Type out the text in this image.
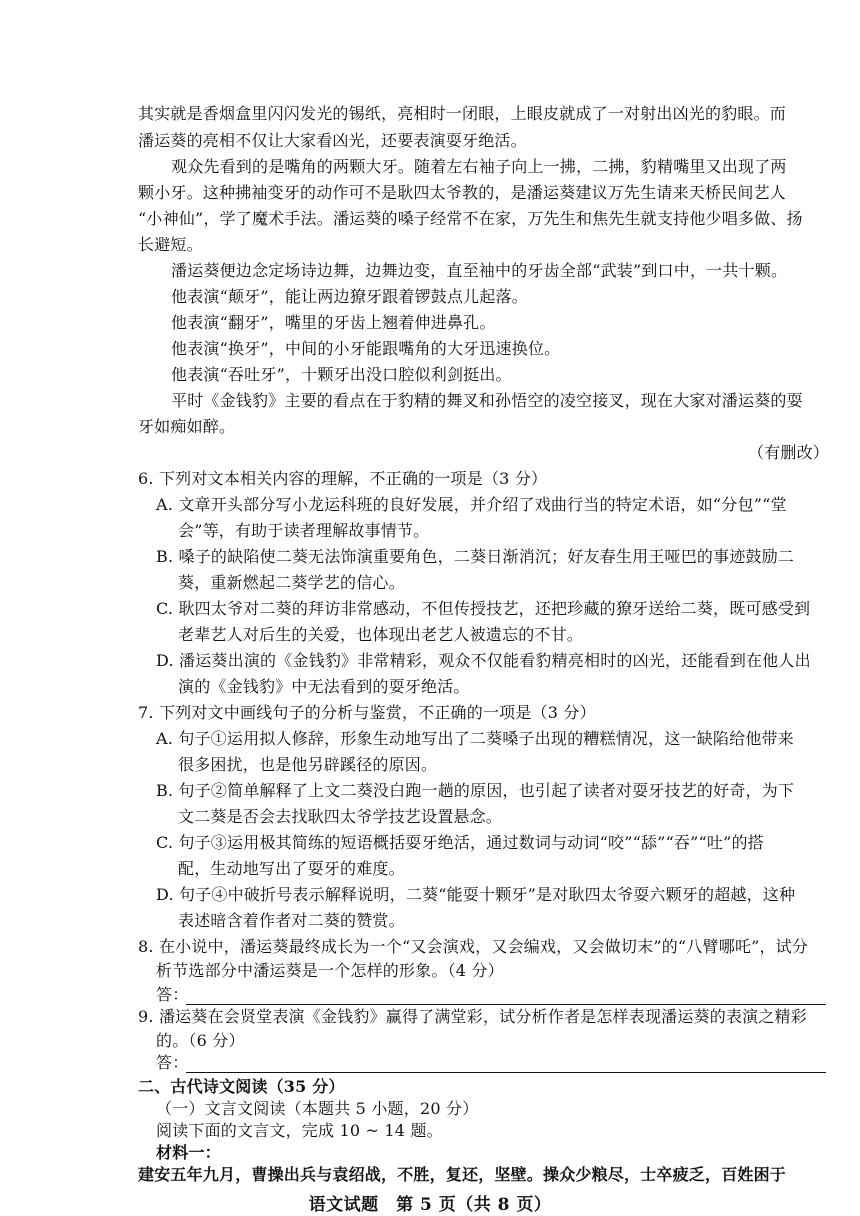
其实就是香烟盒里闪闪发光的锡纸，亮相时一闭眼，上眼皮就成了一对射出凶光的豹眼。而
潘运葵的亮相不仅让大家看凶光，还要表演耍牙绝活。
观众先看到的是嘴角的两颗大牙。随着左右袖子向上一拂，二拂，豹精嘴里又出现了两
颗小牙。这种拂袖变牙的动作可不是耿四太爷教的，是潘运葵建议万先生请来天桥民间艺人
“小神仙”，学了魔术手法。潘运葵的嗓子经常不在家，万先生和焦先生就支持他少唱多做、扬
长避短。
潘运葵便边念定场诗边舞，边舞边变，直至袖中的牙齿全部“武装”到口中，一共十颗。
他表演“颠牙”，能让两边獠牙跟着锣鼓点儿起落。
他表演“翻牙”，嘴里的牙齿上翘着伸进鼻孔。
他表演“换牙”，中间的小牙能跟嘴角的大牙迅速换位。
他表演“吞吐牙”，十颗牙出没口腔似利剑挺出。
平时《金钱豹》主要的看点在于豹精的舞叉和孙悟空的凌空接叉，现在大家对潘运葵的耍
牙如痴如醉。
（有删改）
6. 下列对文本相关内容的理解，不正确的一项是（3 分）
A. 文章开头部分写小龙运科班的良好发展，并介绍了戏曲行当的特定术语，如“分包”“堂
会”等，有助于读者理解故事情节。
B. 嗓子的缺陷使二葵无法饰演重要角色，二葵日渐消沉；好友春生用王哑巴的事迹鼓励二
葵，重新燃起二葵学艺的信心。
C. 耿四太爷对二葵的拜访非常感动，不但传授技艺，还把珍藏的獠牙送给二葵，既可感受到
老辈艺人对后生的关爱，也体现出老艺人被遗忘的不甘。
D. 潘运葵出演的《金钱豹》非常精彩，观众不仅能看豹精亮相时的凶光，还能看到在他人出
演的《金钱豹》中无法看到的耍牙绝活。
7. 下列对文中画线句子的分析与鉴赏，不正确的一项是（3 分）
A. 句子①运用拟人修辞，形象生动地写出了二葵嗓子出现的糟糕情况，这一缺陷给他带来
很多困扰，也是他另辟蹊径的原因。
B. 句子②简单解释了上文二葵没白跑一趟的原因，也引起了读者对耍牙技艺的好奇，为下
文二葵是否会去找耿四太爷学技艺设置悬念。
C. 句子③运用极其简练的短语概括耍牙绝活，通过数词与动词“咬”“舔”“吞”“吐”的搭
配，生动地写出了耍牙的难度。
D. 句子④中破折号表示解释说明，二葵“能耍十颗牙”是对耿四太爷耍六颗牙的超越，这种
表述暗含着作者对二葵的赞赏。
8. 在小说中，潘运葵最终成长为一个“又会演戏，又会编戏，又会做切末”的“八臂哪吒”，试分
析节选部分中潘运葵是一个怎样的形象。（4 分）
答：
9. 潘运葵在会贤堂表演《金钱豹》赢得了满堂彩，试分析作者是怎样表现潘运葵的表演之精彩
的。（6 分）
答：
二、古代诗文阅读（35 分）
（一）文言文阅读（本题共 5 小题，20 分）
语文试题　第 5 页（共 8 页）
阅读下面的文言文，完成 10 ~ 14 题。
材料一：
建安五年九月，曹操出兵与袁绍战，不胜，复还，坚壁。操众少粮尽，士卒疲乏，百姓困于
